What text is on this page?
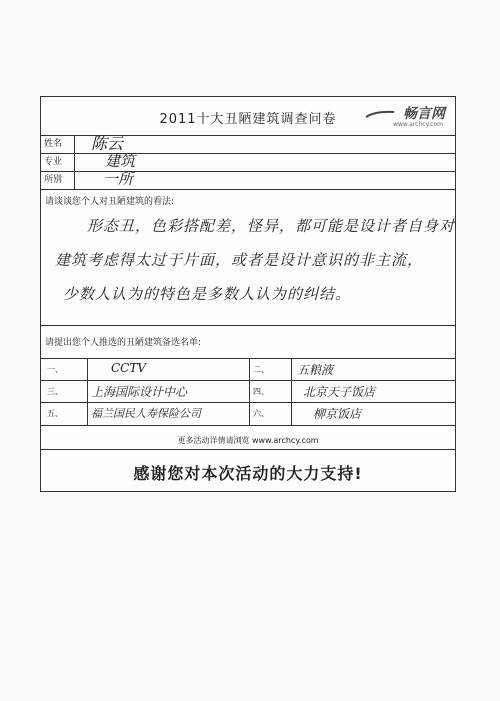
2011十大丑陋建筑调查问卷	畅言网
www.archcy.com
姓名	陈云
专业	建筑
所别	一所
请谈谈您个人对丑陋建筑的看法:
形态丑，色彩搭配差，怪异，都可能是设计者自身对
建筑考虑得太过于片面，或者是设计意识的非主流，
少数人认为的特色是多数人认为的纠结。
请提出您个人推选的丑陋建筑备选名单:
一、	CCTV	二、 五粮液
三、 上海国际设计中心	四、	北京天子饭店
五、	福兰国民人寿保险公司	六、	柳京饭店
更多活动详情请浏览 www.archcy.com
感谢您对本次活动的大力支持!
